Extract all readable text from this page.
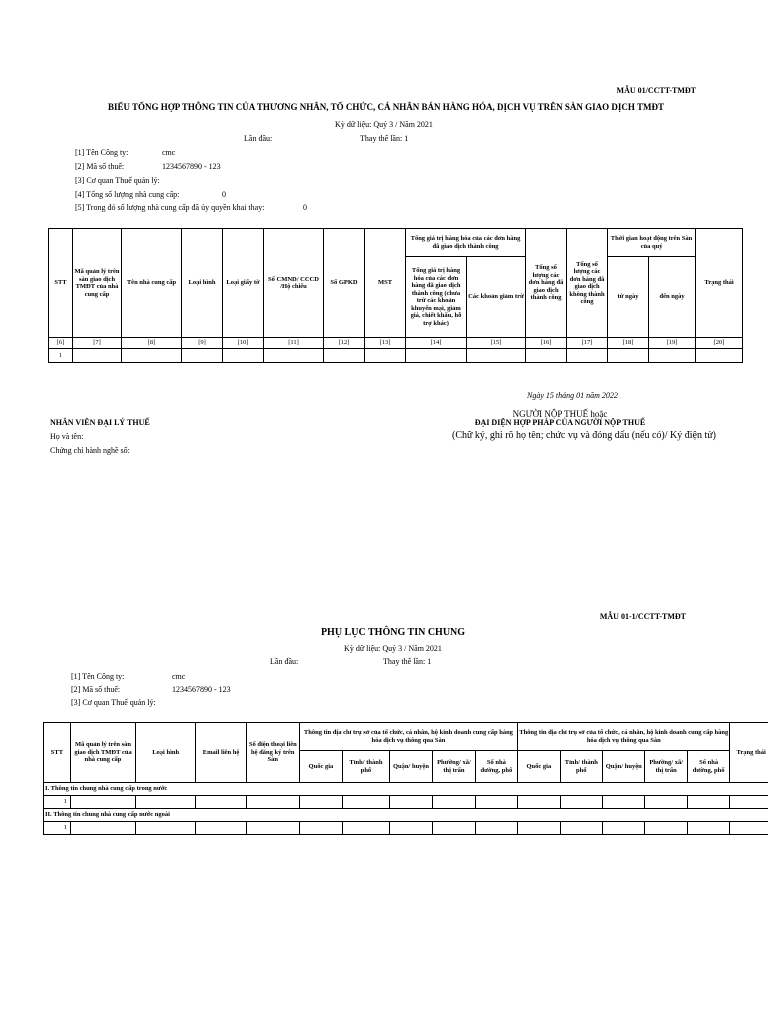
MẪU 01/CCTT-TMĐT
BIỂU TỔNG HỢP THÔNG TIN CỦA THƯƠNG NHÂN, TỔ CHỨC, CÁ NHÂN BÁN HÀNG HÓA, DỊCH VỤ TRÊN SÀN GIAO DỊCH TMĐT
Kỳ dữ liệu: Quý 3 / Năm 2021
Lần đầu:	Thay thế lần: 1
[1] Tên Công ty:	cmc
[2] Mã số thuế:	1234567890 - 123
[3] Cơ quan Thuế quản lý:
[4] Tổng số lượng nhà cung cấp:	0
[5] Trong đó số lượng nhà cung cấp đã ủy quyền khai thay:	0
STT	Mã quản lý trên sàn giao dịch TMĐT của nhà cung cấp	Tên nhà cung cấp	Loại hình	Loại giấy tờ	Số CMND/ CCCD /Hộ chiếu	Số GPKD	MST	Tổng giá trị hàng hóa của các đơn hàng đã giao dịch thành công		Tổng số lượng các đơn hàng đã giao dịch thành công	Tổng số lượng các đơn hàng đã giao dịch không thành công	Thời gian hoạt động trên Sàn của quý		Trạng thái
								Tổng giá trị hàng hóa của các đơn hàng đã giao dịch thành công (chưa trừ các khoản khuyến mại, giảm giá, chiết khấu, hỗ trợ khác)	Các khoản giảm trừ			từ ngày	đến ngày	
[6]	[7]	[8]	[9]	[10]	[11]	[12]	[13]	[14]	[15]	[16]	[17]	[18]	[19]	[20]
1														
Ngày 15 tháng 01 năm 2022
NGƯỜI NỘP THUẾ hoặc
NHÂN VIÊN ĐẠI LÝ THUẾ	ĐẠI DIỆN HỢP PHÁP CỦA NGƯỜI NỘP THUẾ
Họ và tên:	(Chữ ký, ghi rõ họ tên; chức vụ và đóng dấu (nếu có)/ Ký điện tử)
Chứng chỉ hành nghề số:
MẪU 01-1/CCTT-TMĐT
PHỤ LỤC THÔNG TIN CHUNG
Kỳ dữ liệu: Quý 3 / Năm 2021
Lần đầu:	Thay thế lần: 1
[1] Tên Công ty:	cmc
[2] Mã số thuế:	1234567890 - 123
[3] Cơ quan Thuế quản lý:
STT	Mã quản lý trên sàn giao dịch TMĐT của nhà cung cấp	Loại hình	Email liên hệ	Số điện thoại liên hệ đăng ký trên Sàn	Thông tin địa chỉ trụ sở của tổ chức, cá nhân, hộ kinh doanh cung cấp hàng hóa dịch vụ thông qua Sàn					Thông tin địa chỉ trụ sở của tổ chức, cá nhân, hộ kinh doanh cung cấp hàng hóa dịch vụ thông qua Sàn					Trạng thái
					Quốc gia	Tỉnh/ thành phố	Quận/ huyện	Phường/ xã/ thị trấn	Số nhà đường, phố	Quốc gia	Tỉnh/ thành phố	Quận/ huyện	Phường/ xã/ thị trấn	Số nhà đường, phố	
I. Thông tin chung nhà cung cấp trong nước															
1															
II. Thông tin chung nhà cung cấp nước ngoài															
1															
